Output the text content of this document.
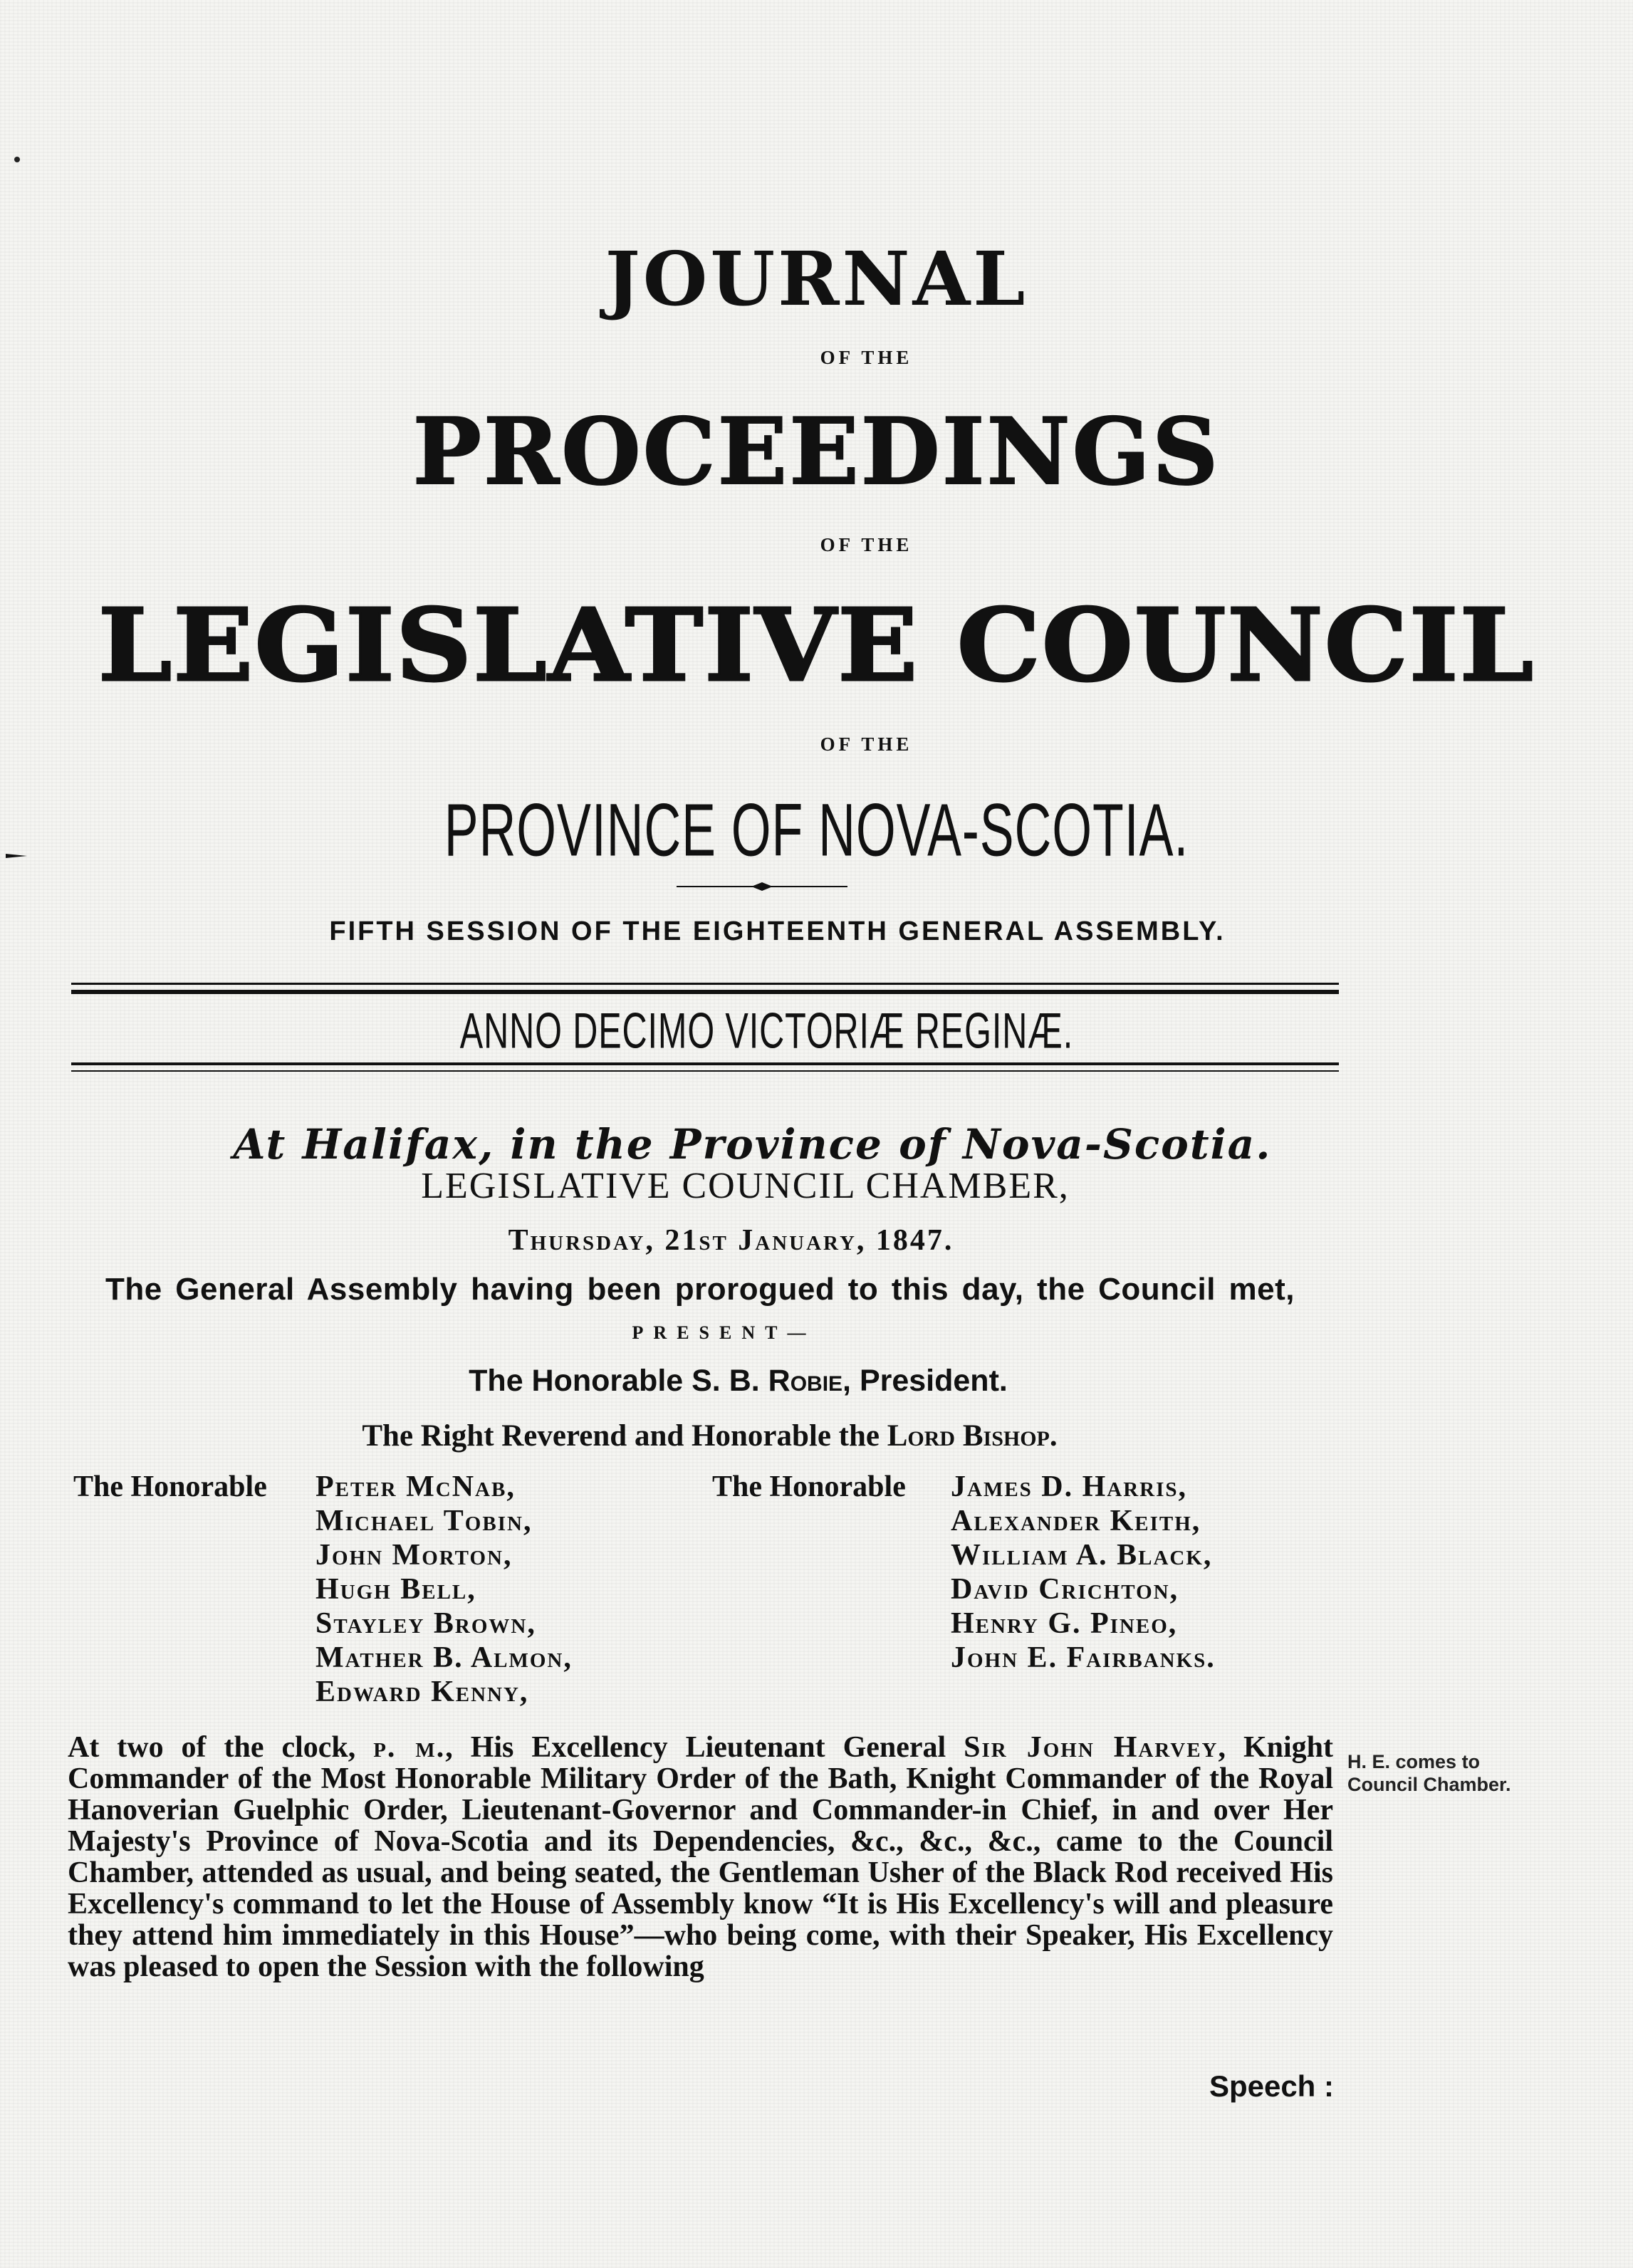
JOURNAL
OF THE
PROCEEDINGS
OF THE
LEGISLATIVE COUNCIL
OF THE
PROVINCE OF NOVA-SCOTIA.
FIFTH SESSION OF THE EIGHTEENTH GENERAL ASSEMBLY.
ANNO DECIMO VICTORIÆ REGINÆ.
At Halifax, in the Province of Nova-Scotia.
LEGISLATIVE COUNCIL CHAMBER,
Thursday, 21st January, 1847.
The General Assembly having been prorogued to this day, the Council met,
PRESENT—
The Honorable S. B. Robie, President.
The Right Reverend and Honorable the Lord Bishop.
The Honorable Peter McNab,
Michael Tobin,
John Morton,
Hugh Bell,
Stayley Brown,
Mather B. Almon,
Edward Kenny,
The Honorable James D. Harris,
Alexander Keith,
William A. Black,
David Crichton,
Henry G. Pineo,
John E. Fairbanks.
At two of the clock, p. m., His Excellency Lieutenant General Sir John Harvey, Knight Commander of the Most Honorable Military Order of the Bath, Knight Commander of the Royal Hanoverian Guelphic Order, Lieutenant-Governor and Commander-in Chief, in and over Her Majesty's Province of Nova-Scotia and its Dependencies, &c., &c., &c., came to the Council Chamber, attended as usual, and being seated, the Gentleman Usher of the Black Rod received His Excellency's command to let the House of Assembly know “It is His Excellency's will and pleasure they attend him immediately in this House”—who being come, with their Speaker, His Excellency was pleased to open the Session with the following
Speech :
H. E. comes to
Council Chamber.
